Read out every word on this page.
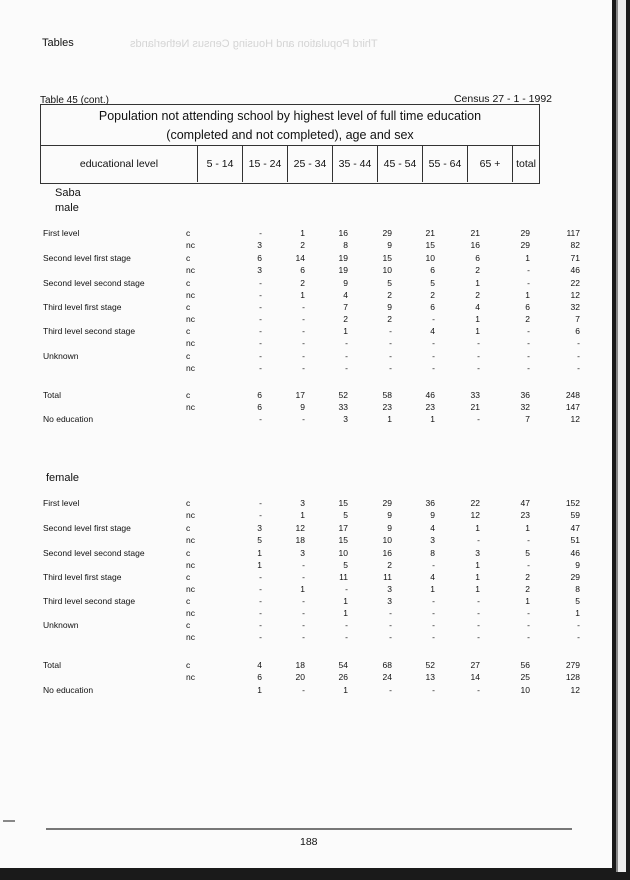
Tables	Third Population and Housing Census Netherlands
Table 45 (cont.)	Census 27 - 1 - 1992
Population not attending school by highest level of full time education
(completed and not completed), age and sex
educational level	5 - 14	15 - 24	25 - 34	35 - 44	45 - 54	55 - 64	65 +	total
Saba
male
First level	c	-	1	16	29	21	21	29	117
nc	3	2	8	9	15	16	29	82
Second level first stage	c	6	14	19	15	10	6	1	71
nc	3	6	19	10	6	2	-	46
Second level second stage	c	-	2	9	5	5	1	-	22
nc	-	1	4	2	2	2	1	12
Third level first stage	c	-	-	7	9	6	4	6	32
nc	-	-	2	2	-	1	2	7
Third level second stage	c	-	-	1	-	4	1	-	6
nc	-	-	-	-	-	-	-	-
Unknown	c	-	-	-	-	-	-	-	-
nc	-	-	-	-	-	-	-	-
Total	c	6	17	52	58	46	33	36	248
nc	6	9	33	23	23	21	32	147
No education	-	-	3	1	1	-	7	12
female
First level	c	-	3	15	29	36	22	47	152
nc	-	1	5	9	9	12	23	59
Second level first stage	c	3	12	17	9	4	1	1	47
nc	5	18	15	10	3	-	-	51
Second level second stage	c	1	3	10	16	8	3	5	46
nc	1	-	5	2	-	1	-	9
Third level first stage	c	-	-	11	11	4	1	2	29
nc	-	1	-	3	1	1	2	8
Third level second stage	c	-	-	1	3	-	-	1	5
nc	-	-	1	-	-	-	-	1
Unknown	c	-	-	-	-	-	-	-	-
nc	-	-	-	-	-	-	-	-
Total	c	4	18	54	68	52	27	56	279
nc	6	20	26	24	13	14	25	128
No education	1	-	1	-	-	-	10	12
188
